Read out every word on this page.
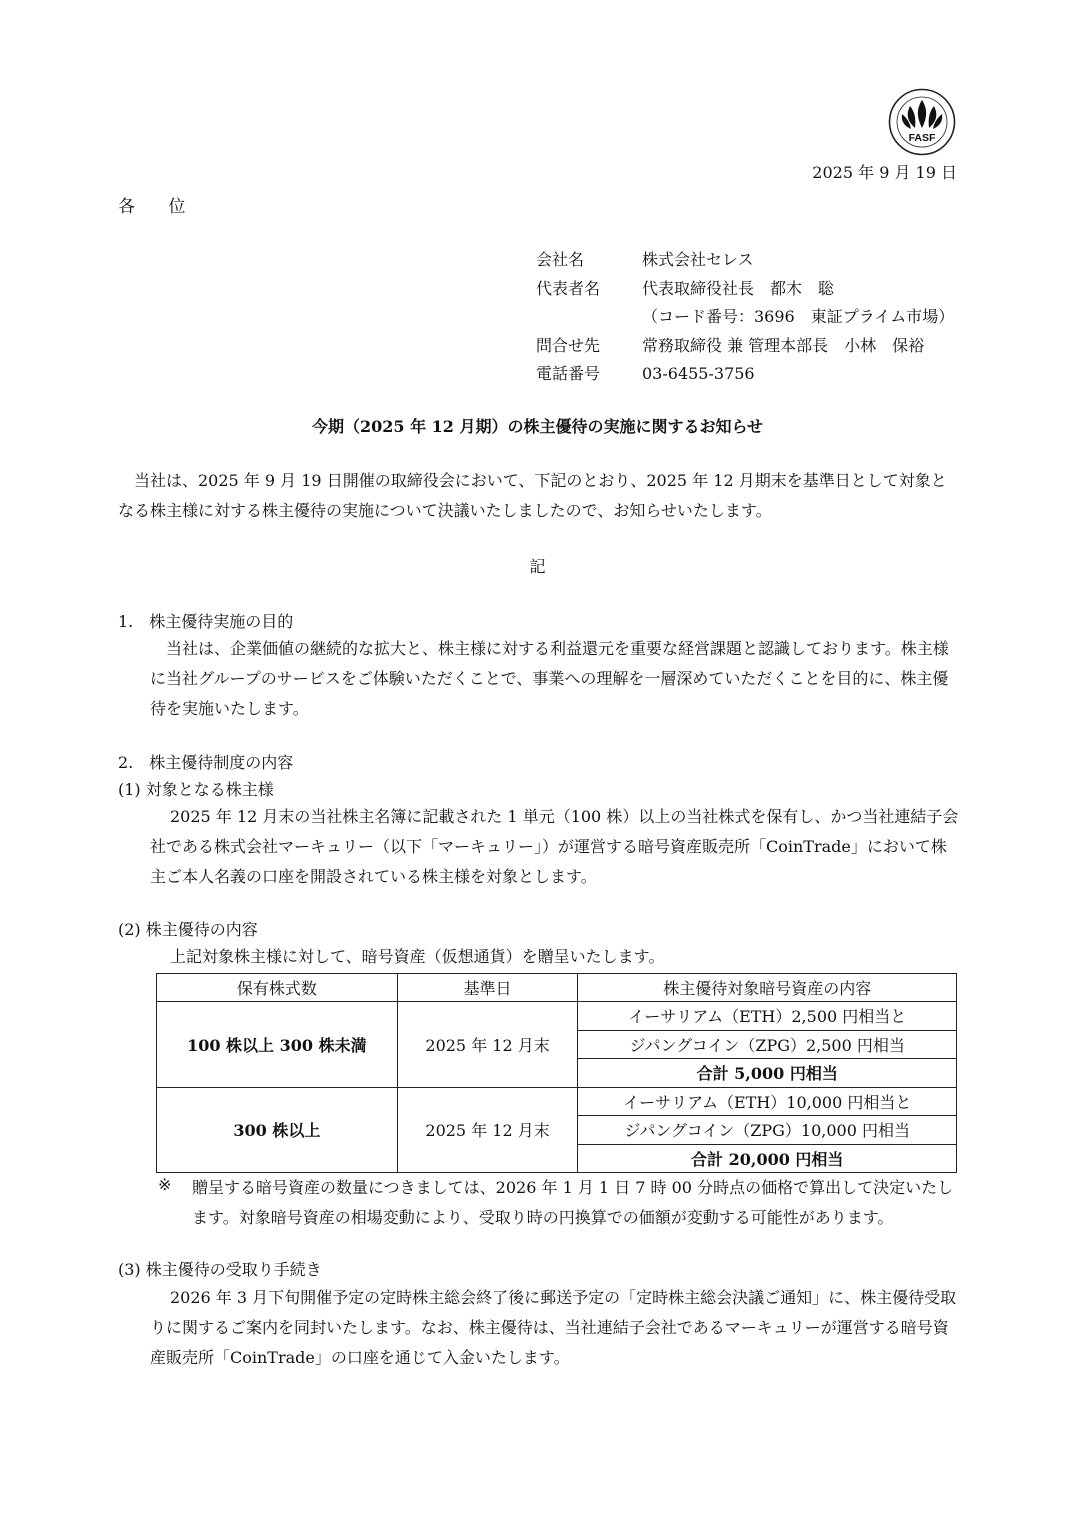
FASF
2025 年 9 月 19 日
各 位
会社名	株式会社セレス
代表者名	代表取締役社長　都木　聡
（コード番号：3696　東証プライム市場）
問合せ先	常務取締役 兼 管理本部長　小林　保裕
電話番号	03-6455-3756
今期（2025 年 12 月期）の株主優待の実施に関するお知らせ
当社は、2025 年 9 月 19 日開催の取締役会において、下記のとおり、2025 年 12 月期末を基準日として対象となる株主様に対する株主優待の実施について決議いたしましたので、お知らせいたします。
記
1.　株主優待実施の目的
当社は、企業価値の継続的な拡大と、株主様に対する利益還元を重要な経営課題と認識しております。株主様に当社グループのサービスをご体験いただくことで、事業への理解を一層深めていただくことを目的に、株主優待を実施いたします。
2.　株主優待制度の内容
(1) 対象となる株主様
2025 年 12 月末の当社株主名簿に記載された 1 単元（100 株）以上の当社株式を保有し、かつ当社連結子会社である株式会社マーキュリー（以下「マーキュリー」）が運営する暗号資産販売所「CoinTrade」において株主ご本人名義の口座を開設されている株主様を対象とします。
(2) 株主優待の内容
上記対象株主様に対して、暗号資産（仮想通貨）を贈呈いたします。
保有株式数	基準日	株主優待対象暗号資産の内容
100 株以上 300 株未満	2025 年 12 月末	イーサリアム（ETH）2,500 円相当と
		ジパングコイン（ZPG）2,500 円相当
		合計 5,000 円相当
300 株以上	2025 年 12 月末	イーサリアム（ETH）10,000 円相当と
		ジパングコイン（ZPG）10,000 円相当
		合計 20,000 円相当
※ 贈呈する暗号資産の数量につきましては、2026 年 1 月 1 日 7 時 00 分時点の価格で算出して決定いたします。対象暗号資産の相場変動により、受取り時の円換算での価額が変動する可能性があります。
(3) 株主優待の受取り手続き
2026 年 3 月下旬開催予定の定時株主総会終了後に郵送予定の「定時株主総会決議ご通知」に、株主優待受取りに関するご案内を同封いたします。なお、株主優待は、当社連結子会社であるマーキュリーが運営する暗号資産販売所「CoinTrade」の口座を通じて入金いたします。
